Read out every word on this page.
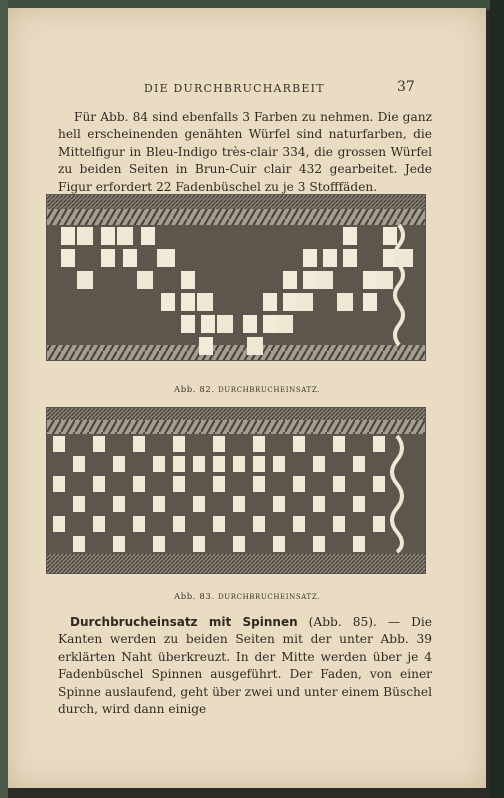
DIE DURCHBRUCHARBEIT	37

Für Abb. 84 sind ebenfalls 3 Farben zu nehmen. Die ganz hell erscheinenden genähten Würfel sind naturfarben, die Mittelfigur in Bleu-Indigo très-clair 334, die grossen Würfel zu beiden Seiten in Brun-Cuir clair 432 gearbeitet. Jede Figur erfordert 22 Fadenbüschel zu je 3 Stofffäden.

Abb. 82. DURCHBRUCHEINSATZ.
Abb. 83. DURCHBRUCHEINSATZ.

Durchbrucheinsatz mit Spinnen (Abb. 85). — Die Kanten werden zu beiden Seiten mit der unter Abb. 39 erklärten Naht überkreuzt. In der Mitte werden über je 4 Fadenbüschel Spinnen ausgeführt. Der Faden, von einer Spinne auslaufend, geht über zwei und unter einem Büschel durch, wird dann einige
